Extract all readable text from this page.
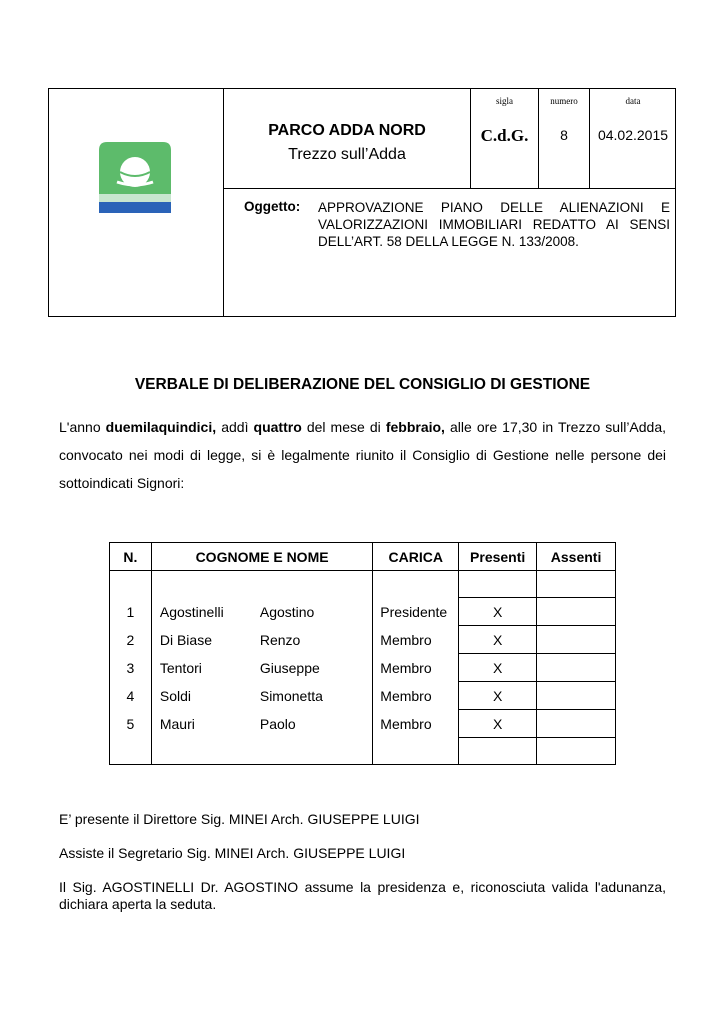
PARCO ADDA NORD
Trezzo sull’Adda
sigla
C.d.G.
numero
8
data
04.02.2015
Oggetto: APPROVAZIONE PIANO DELLE ALIENAZIONI E VALORIZZAZIONI IMMOBILIARI REDATTO AI SENSI DELL’ART. 58 DELLA LEGGE N. 133/2008.
VERBALE DI DELIBERAZIONE DEL CONSIGLIO DI GESTIONE
L'anno duemilaquindici, addì quattro del mese di febbraio, alle ore 17,30 in Trezzo sull’Adda, convocato nei modi di legge, si è legalmente riunito il Consiglio di Gestione nelle persone dei sottoindicati Signori:
N.	COGNOME E NOME	CARICA	Presenti	Assenti

1	Agostinelli Agostino	Presidente	X	
2	Di Biase Renzo	Membro	X	
3	Tentori Giuseppe	Membro	X	
4	Soldi Simonetta	Membro	X	
5	Mauri Paolo	Membro	X	

E’ presente il Direttore Sig. MINEI Arch. GIUSEPPE LUIGI
Assiste il Segretario Sig. MINEI Arch. GIUSEPPE LUIGI
Il Sig. AGOSTINELLI Dr. AGOSTINO assume la presidenza e, riconosciuta valida l'adunanza, dichiara aperta la seduta.
